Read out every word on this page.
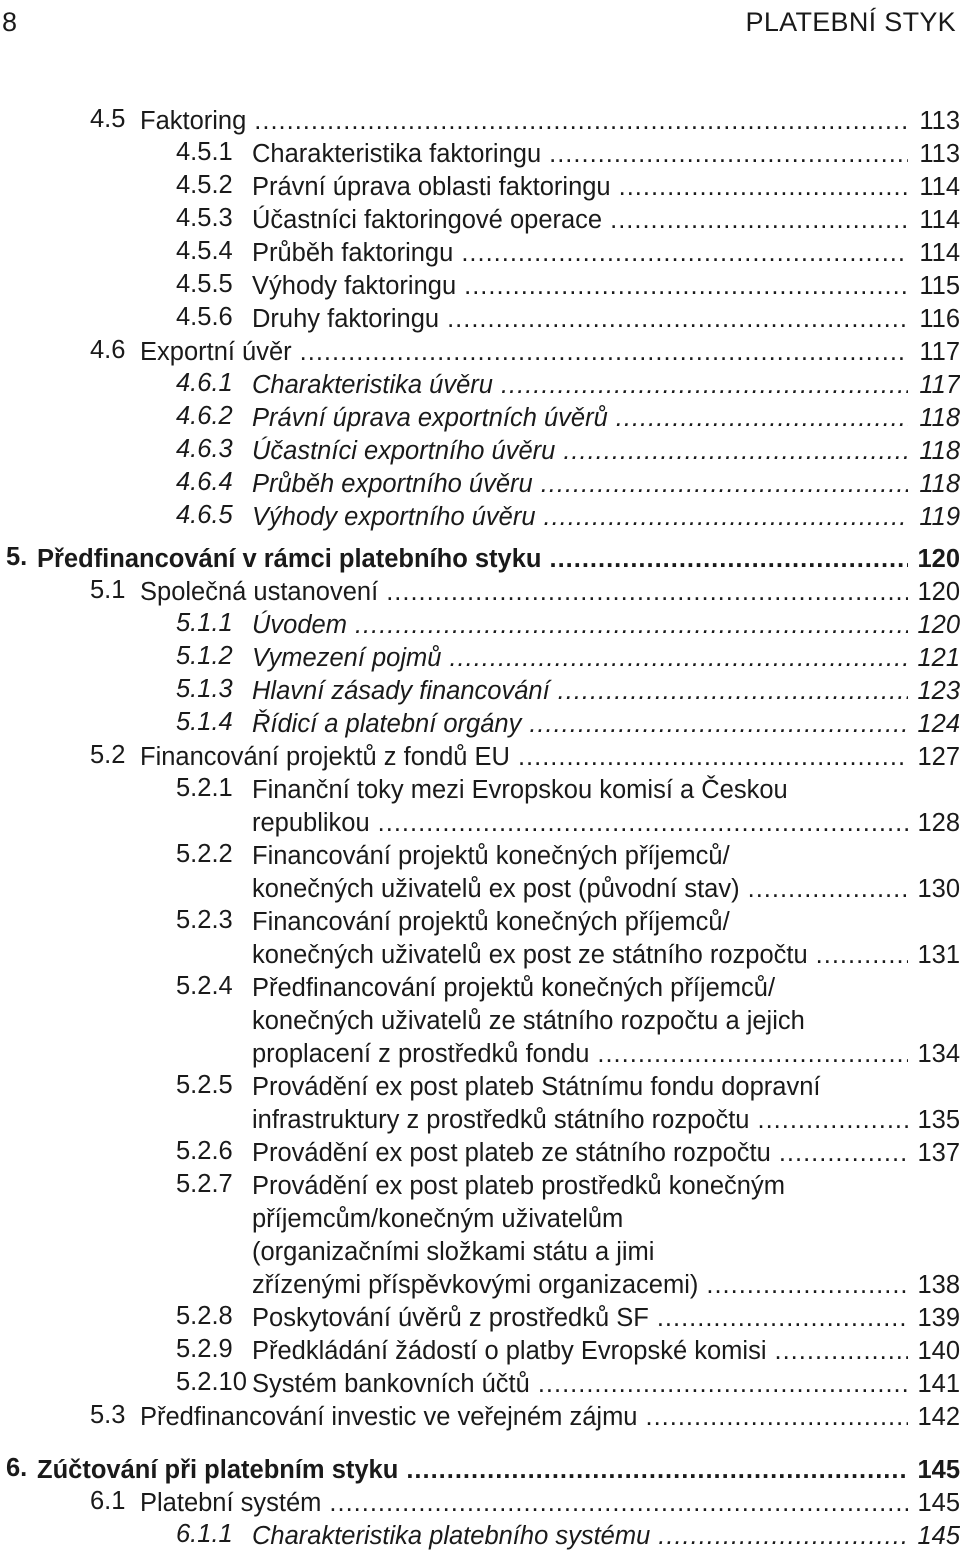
8	PLATEBNÍ STYK
4.5 Faktoring .....	113
4.5.1 Charakteristika faktoringu .....	113
4.5.2 Právní úprava oblasti faktoringu .....	114
4.5.3 Účastníci faktoringové operace .....	114
4.5.4 Průběh faktoringu .....	114
4.5.5 Výhody faktoringu .....	115
4.5.6 Druhy faktoringu .....	116
4.6 Exportní úvěr .....	117
4.6.1 Charakteristika úvěru .....	117
4.6.2 Právní úprava exportních úvěrů .....	118
4.6.3 Účastníci exportního úvěru .....	118
4.6.4 Průběh exportního úvěru .....	118
4.6.5 Výhody exportního úvěru .....	119
5. Předfinancování v rámci platebního styku .....	120
5.1 Společná ustanovení .....	120
5.1.1 Úvodem .....	120
5.1.2 Vymezení pojmů .....	121
5.1.3 Hlavní zásady financování .....	123
5.1.4 Řídicí a platební orgány .....	124
5.2 Financování projektů z fondů EU .....	127
5.2.1 Finanční toky mezi Evropskou komisí a Českou
republikou .....	128
5.2.2 Financování projektů konečných příjemců/
konečných uživatelů ex post (původní stav) .....	130
5.2.3 Financování projektů konečných příjemců/
konečných uživatelů ex post ze státního rozpočtu .....	131
5.2.4 Předfinancování projektů konečných příjemců/
konečných uživatelů ze státního rozpočtu a jejich
proplacení z prostředků fondu .....	134
5.2.5 Provádění ex post plateb Státnímu fondu dopravní
infrastruktury z prostředků státního rozpočtu .....	135
5.2.6 Provádění ex post plateb ze státního rozpočtu .....	137
5.2.7 Provádění ex post plateb prostředků konečným
příjemcům/konečným uživatelům
(organizačními složkami státu a jimi
zřízenými příspěvkovými organizacemi) .....	138
5.2.8 Poskytování úvěrů z prostředků SF .....	139
5.2.9 Předkládání žádostí o platby Evropské komisi .....	140
5.2.10 Systém bankovních účtů .....	141
5.3 Předfinancování investic ve veřejném zájmu .....	142
6. Zúčtování při platebním styku .....	145
6.1 Platební systém .....	145
6.1.1 Charakteristika platebního systému .....	145
